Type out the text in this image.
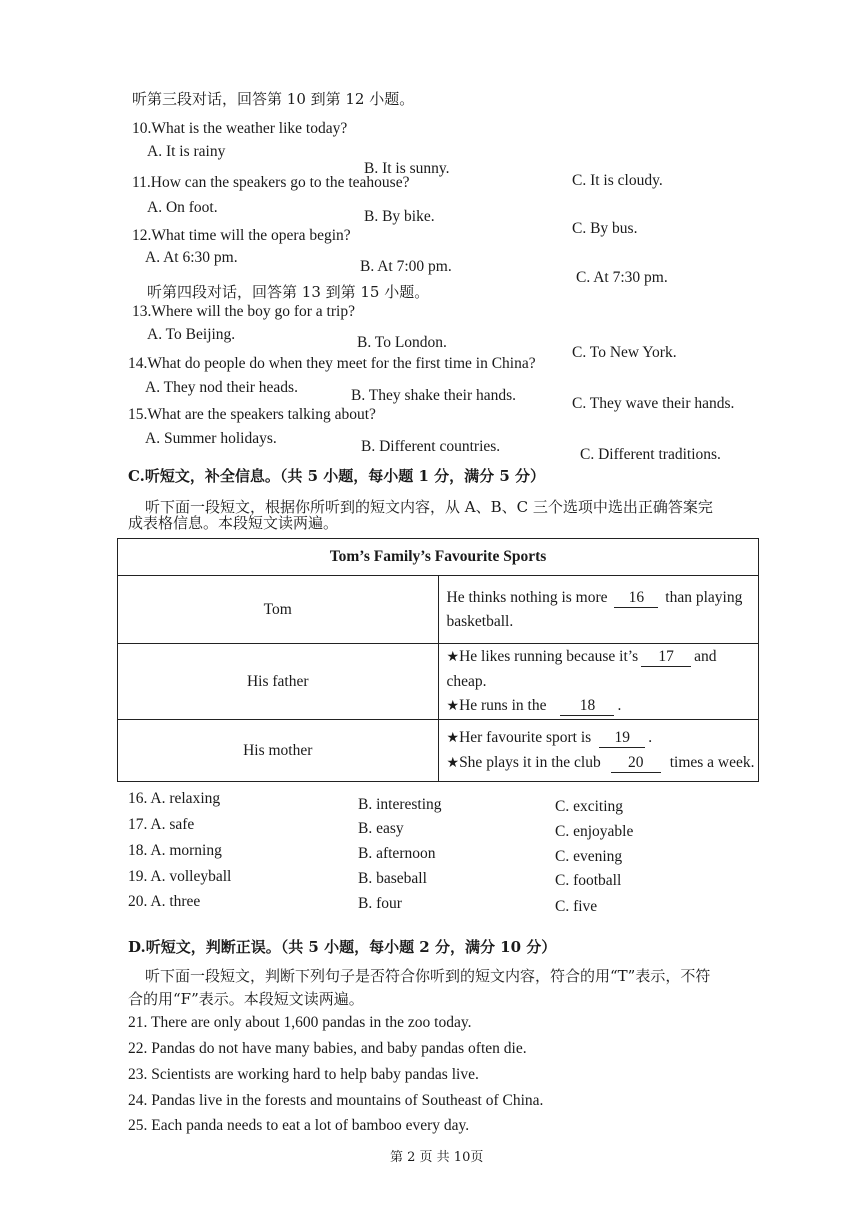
听第三段对话，回答第 10 到第 12 小题。
10.What is the weather like today?
A. It is rainy
B. It is sunny.
C. It is cloudy.
11.How can the speakers go to the teahouse?
A. On foot.
B. By bike.
C. By bus.
12.What time will the opera begin?
A. At 6:30 pm.
B. At 7:00 pm.
C. At 7:30 pm.
听第四段对话，回答第 13 到第 15 小题。
13.Where will the boy go for a trip?
A. To Beijing.	B. To London.
C. To New York.
14.What do people do when they meet for the first time in China?
A. They nod their heads.	B. They shake their hands.	C. They wave their hands.
15.What are the speakers talking about?
A. Summer holidays.	B. Different countries.	C. Different traditions.
C.听短文，补全信息。（共 5 小题，每小题 1 分，满分 5 分）
听下面一段短文，根据你所听到的短文内容，从 A、B、C 三个选项中选出正确答案完
成表格信息。本段短文读两遍。
Tom’s Family’s Favourite Sports	
Tom	He thinks nothing is more 16 than playing basketball.

His father	★He likes running because it’s 17 and cheap.
★He runs in the 18 .

His mother	★Her favourite sport is 19 .
★She plays it in the club 20 times a week.
16. A. relaxing	B. interesting	C. exciting
17. A. safe	B. easy	C. enjoyable
18. A. morning	B. afternoon	C. evening
19. A. volleyball	B. baseball	C. football
20. A. three	B. four	C. five
D.听短文，判断正误。（共 5 小题，每小题 2 分，满分 10 分）
听下面一段短文，判断下列句子是否符合你听到的短文内容，符合的用“T”表示，不符
合的用“F”表示。本段短文读两遍。
21. There are only about 1,600 pandas in the zoo today.
22. Pandas do not have many babies, and baby pandas often die.
23. Scientists are working hard to help baby pandas live.
24. Pandas live in the forests and mountains of Southeast of China.
25. Each panda needs to eat a lot of bamboo every day.
第 2 页 共 10页
